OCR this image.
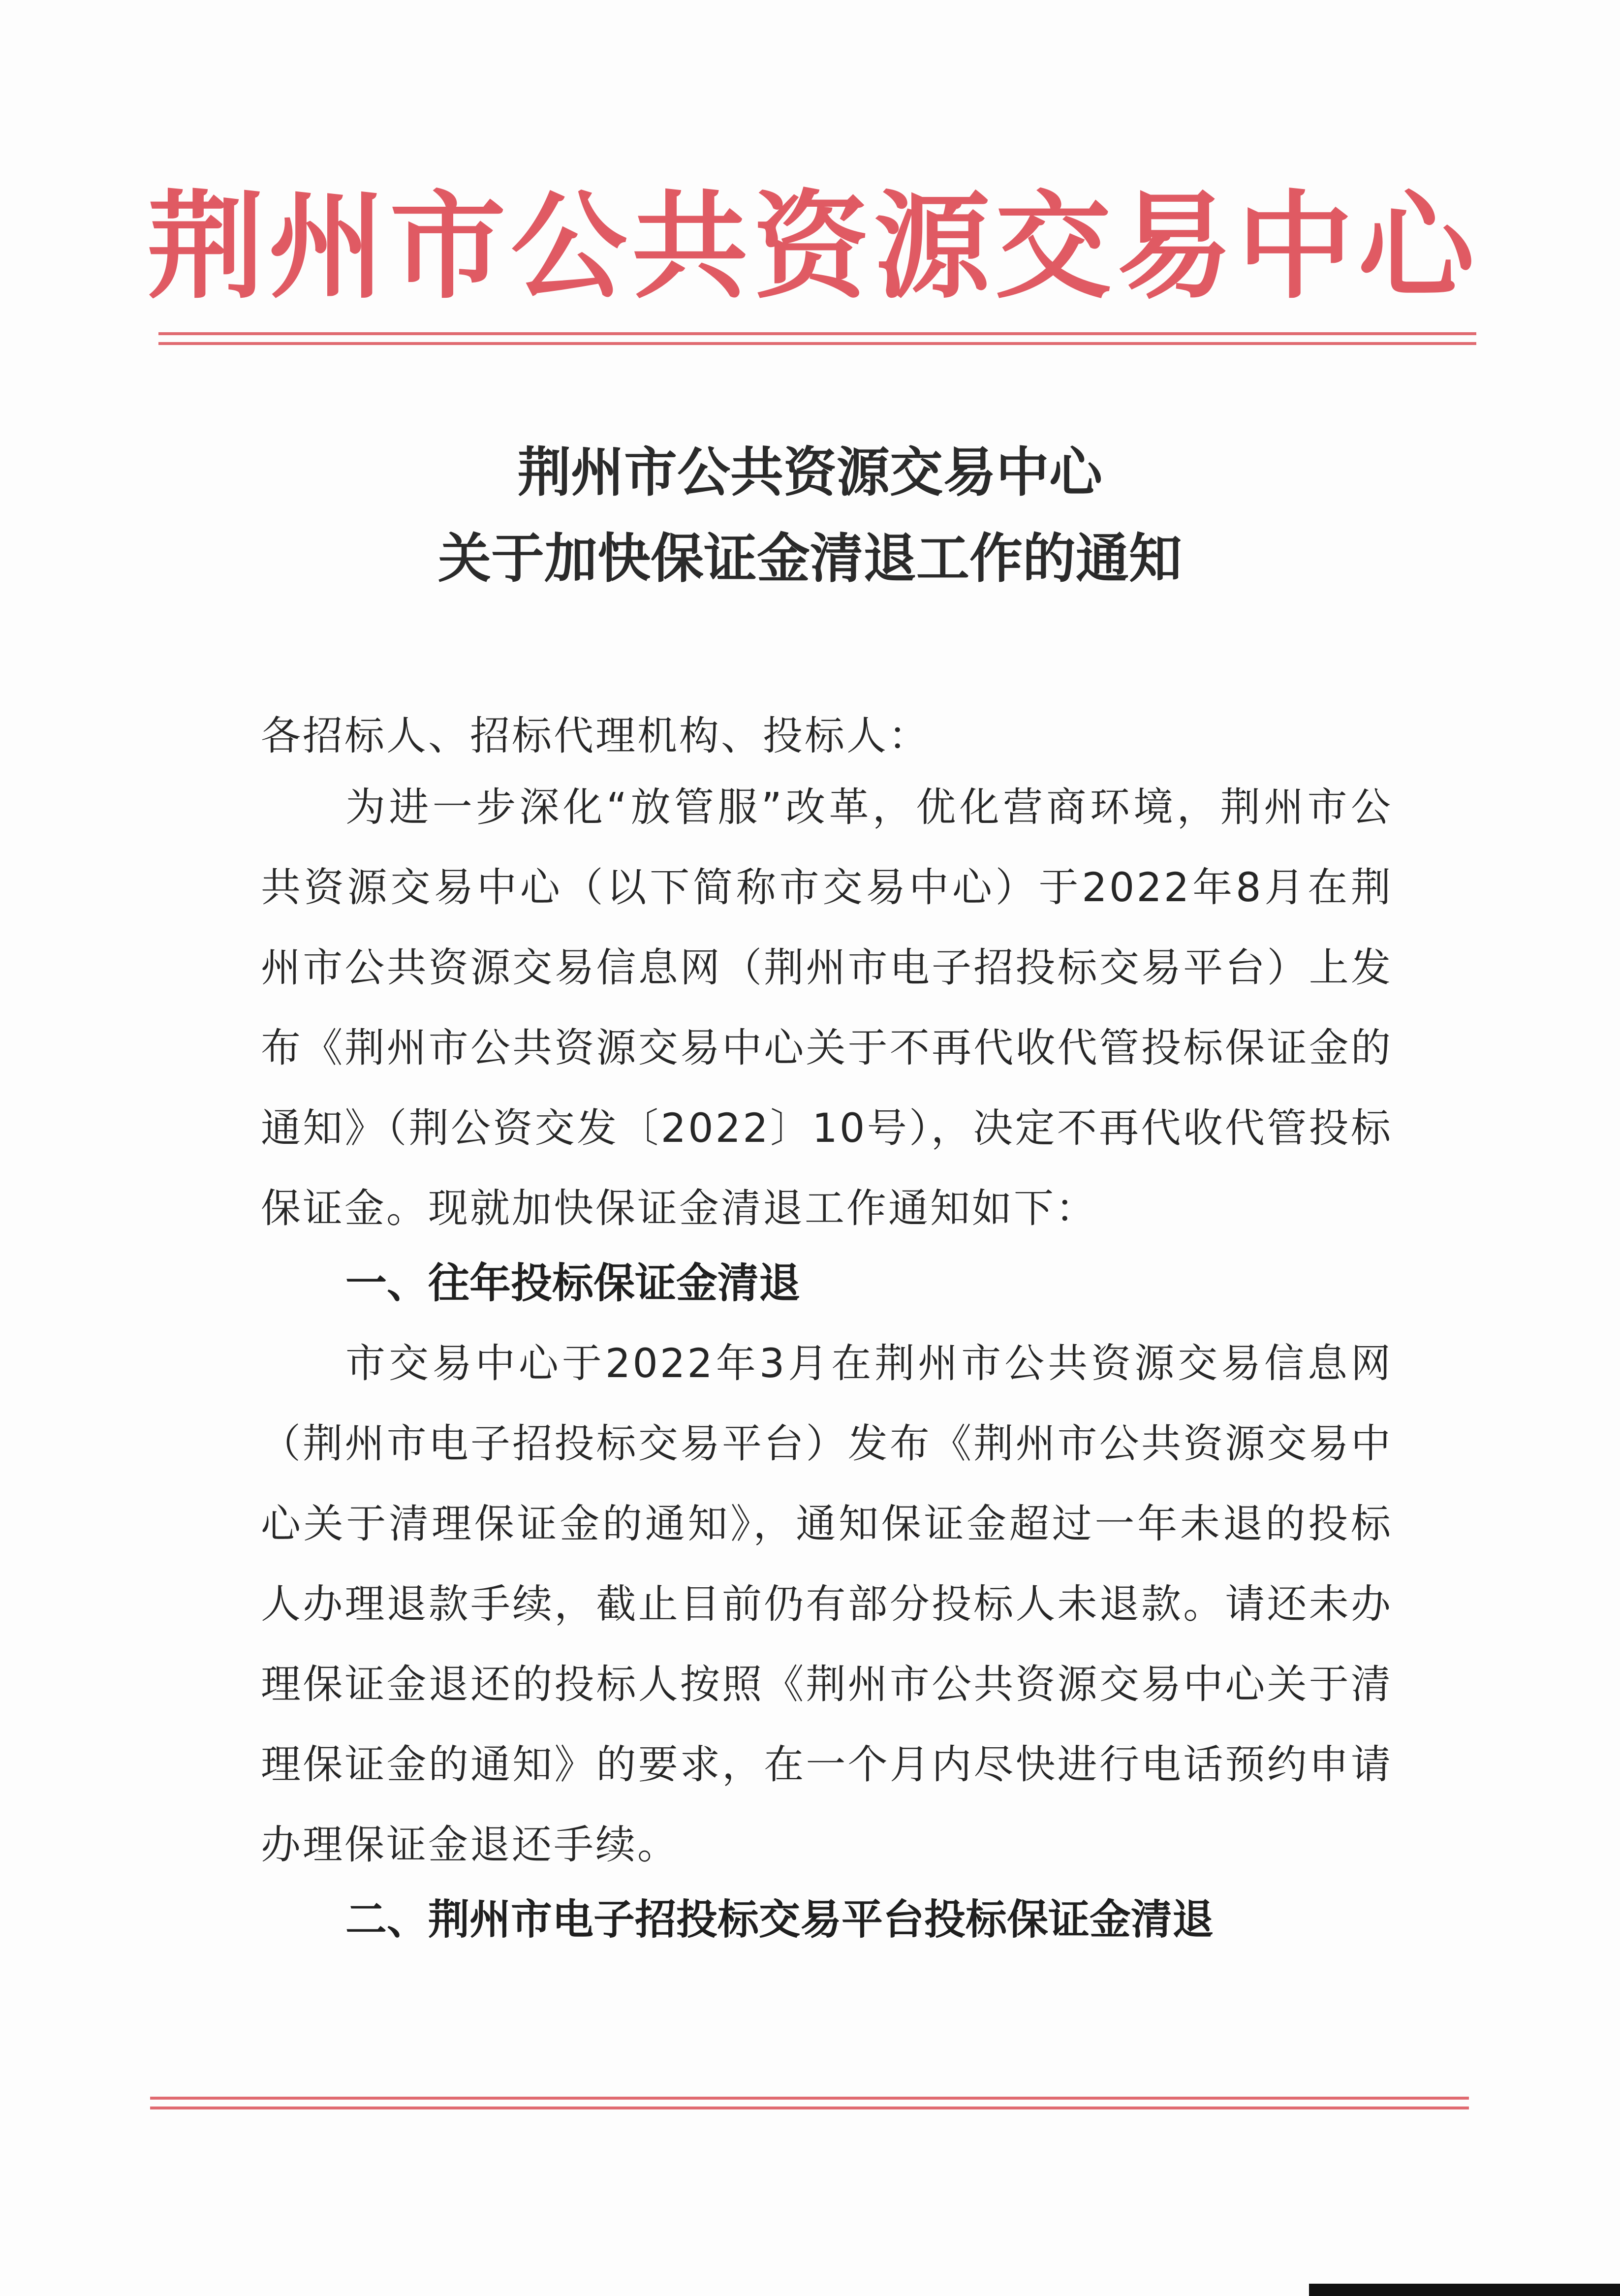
荆州市公共资源交易中心
荆州市公共资源交易中心
关于加快保证金清退工作的通知
各招标人、招标代理机构、投标人：

为进一步深化“放管服”改革，优化营商环境，荆州市公共资源交易中心（以下简称市交易中心）于2022年8月在荆州市公共资源交易信息网（荆州市电子招投标交易平台）上发布《荆州市公共资源交易中心关于不再代收代管投标保证金的通知》（荆公资交发〔2022〕10号），决定不再代收代管投标保证金。现就加快保证金清退工作通知如下：

一、往年投标保证金清退

市交易中心于2022年3月在荆州市公共资源交易信息网（荆州市电子招投标交易平台）发布《荆州市公共资源交易中心关于清理保证金的通知》，通知保证金超过一年未退的投标人办理退款手续，截止目前仍有部分投标人未退款。请还未办理保证金退还的投标人按照《荆州市公共资源交易中心关于清理保证金的通知》的要求，在一个月内尽快进行电话预约申请办理保证金退还手续。

二、荆州市电子招投标交易平台投标保证金清退
